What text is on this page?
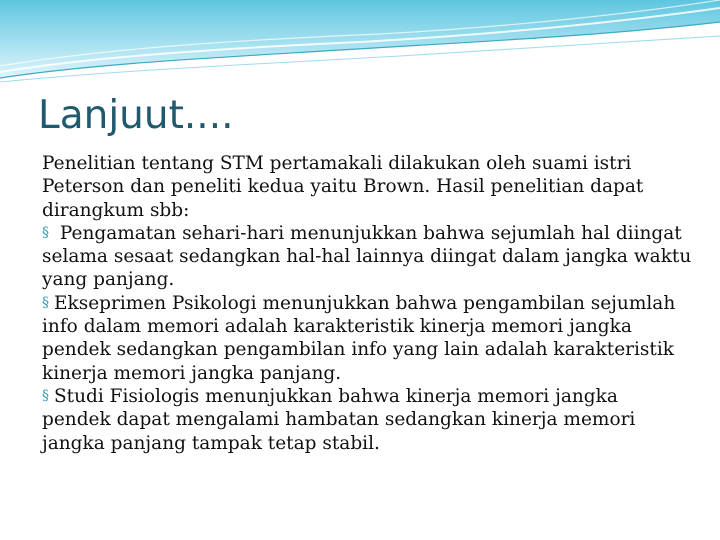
Lanjuut....

Penelitian tentang STM pertamakali dilakukan oleh suami istri Peterson dan peneliti kedua yaitu Brown. Hasil penelitian dapat dirangkum sbb:

§ Pengamatan sehari-hari menunjukkan bahwa sejumlah hal diingat selama sesaat sedangkan hal-hal lainnya diingat dalam jangka waktu yang panjang.

§ Ekseprimen Psikologi menunjukkan bahwa pengambilan sejumlah info dalam memori adalah karakteristik kinerja memori jangka pendek sedangkan pengambilan info yang lain adalah karakteristik kinerja memori jangka panjang.

§ Studi Fisiologis menunjukkan bahwa kinerja memori jangka pendek dapat mengalami hambatan sedangkan kinerja memori jangka panjang tampak tetap stabil.
